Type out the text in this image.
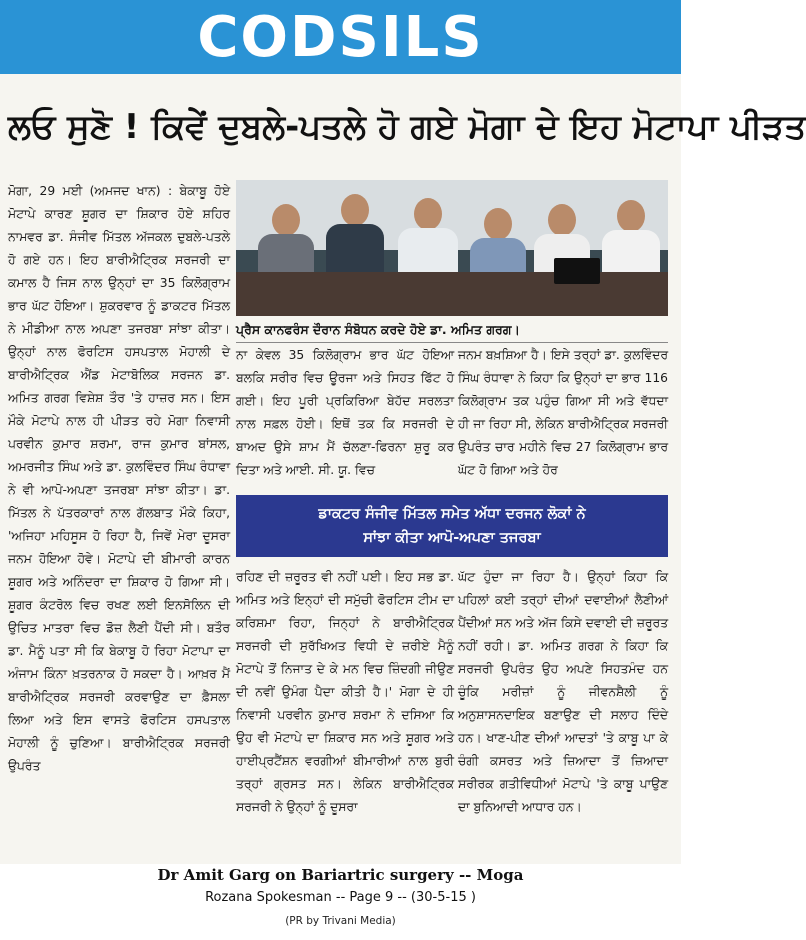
CODSILS
ਲਓ ਸੁਣੋ ! ਕਿਵੇਂ ਦੁਬਲੇ-ਪਤਲੇ ਹੋ ਗਏ ਮੋਗਾ ਦੇ ਇਹ ਮੋਟਾਪਾ ਪੀੜਤ
ਮੋਗਾ, 29 ਮਈ (ਅਮਜਦ ਖਾਨ) : ਬੇਕਾਬੂ ਹੋਏ ਮੋਟਾਪੇ ਕਾਰਣ ਸ਼ੂਗਰ ਦਾ ਸ਼ਿਕਾਰ ਹੋਏ ਸ਼ਹਿਰ ਨਾਮਵਰ ਡਾ. ਸੰਜੀਵ ਮਿੱਤਲ ਅੱਜਕਲ ਦੁਬਲੇ-ਪਤਲੇ ਹੋ ਗਏ ਹਨ। ਇਹ ਬਾਰੀਐਟ੍ਰਿਕ ਸਰਜਰੀ ਦਾ ਕਮਾਲ ਹੈ ਜਿਸ ਨਾਲ ਉਨ੍ਹਾਂ ਦਾ 35 ਕਿਲੋਗ੍ਰਾਮ ਭਾਰ ਘੱਟ ਹੋਇਆ। ਸ਼ੁਕਰਵਾਰ ਨੂੰ ਡਾਕਟਰ ਮਿੱਤਲ ਨੇ ਮੀਡੀਆ ਨਾਲ ਅਪਣਾ ਤਜਰਬਾ ਸਾਂਝਾ ਕੀਤਾ। ਉਨ੍ਹਾਂ ਨਾਲ ਫੋਰਟਿਸ ਹਸਪਤਾਲ ਮੋਹਾਲੀ ਦੇ ਬਾਰੀਐਟ੍ਰਿਕ ਐਂਡ ਮੇਟਾਬੋਲਿਕ ਸਰਜਨ ਡਾ. ਅਮਿਤ ਗਰਗ ਵਿਸ਼ੇਸ਼ ਤੌਰ 'ਤੇ ਹਾਜ਼ਰ ਸਨ। ਇਸ ਮੌਕੇ ਮੋਟਾਪੇ ਨਾਲ ਹੀ ਪੀੜਤ ਰਹੇ ਮੋਗਾ ਨਿਵਾਸੀ ਪਰਵੀਨ ਕੁਮਾਰ ਸ਼ਰਮਾ, ਰਾਜ ਕੁਮਾਰ ਬਾਂਸਲ, ਅਮਰਜੀਤ ਸਿੰਘ ਅਤੇ ਡਾ. ਕੁਲਵਿੰਦਰ ਸਿੰਘ ਰੰਧਾਵਾ ਨੇ ਵੀ ਆਪੋ-ਅਪਣਾ ਤਜਰਬਾ ਸਾਂਝਾ ਕੀਤਾ। ਡਾ. ਮਿੱਤਲ ਨੇ ਪੱਤਰਕਾਰਾਂ ਨਾਲ ਗੱਲਬਾਤ ਮੌਕੇ ਕਿਹਾ, 'ਅਜਿਹਾ ਮਹਿਸੂਸ ਹੋ ਰਿਹਾ ਹੈ, ਜਿਵੇਂ ਮੇਰਾ ਦੂਸਰਾ ਜਨਮ ਹੋਇਆ ਹੋਵੇ। ਮੋਟਾਪੇ ਦੀ ਬੀਮਾਰੀ ਕਾਰਨ ਸ਼ੂਗਰ ਅਤੇ ਅਨਿੰਦਰਾ ਦਾ ਸ਼ਿਕਾਰ ਹੋ ਗਿਆ ਸੀ। ਸ਼ੂਗਰ ਕੰਟਰੋਲ ਵਿਚ ਰਖਣ ਲਈ ਇਨਸੋਲਿਨ ਦੀ ਉਚਿਤ ਮਾਤਰਾ ਵਿਚ ਡੋਜ਼ ਲੈਣੀ ਪੈਂਦੀ ਸੀ। ਬਤੌਰ ਡਾ. ਮੈਨੂੰ ਪਤਾ ਸੀ ਕਿ ਬੇਕਾਬੂ ਹੋ ਰਿਹਾ ਮੋਟਾਪਾ ਦਾ ਅੰਜਾਮ ਕਿੰਨਾ ਖ਼ਤਰਨਾਕ ਹੋ ਸਕਦਾ ਹੈ। ਆਖ਼ਰ ਮੈਂ ਬਾਰੀਐਟ੍ਰਿਕ ਸਰਜਰੀ ਕਰਵਾਉਣ ਦਾ ਫ਼ੈਸਲਾ ਲਿਆ ਅਤੇ ਇਸ ਵਾਸਤੇ ਫੋਰਟਿਸ ਹਸਪਤਾਲ ਮੋਹਾਲੀ ਨੂੰ ਚੁਣਿਆ। ਬਾਰੀਐਟ੍ਰਿਕ ਸਰਜਰੀ ਉਪਰੰਤ
ਪ੍ਰੈਸ ਕਾਨਫਰੰਸ ਦੌਰਾਨ ਸੰਬੋਧਨ ਕਰਦੇ ਹੋਏ ਡਾ. ਅਮਿਤ ਗਰਗ।
ਨਾ ਕੇਵਲ 35 ਕਿਲੋਗ੍ਰਾਮ ਭਾਰ ਘੱਟ ਹੋਇਆ ਬਲਕਿ ਸਰੀਰ ਵਿਚ ਊਰਜਾ ਅਤੇ ਸਿਹਤ ਫਿੱਟ ਹੋ ਗਈ। ਇਹ ਪੂਰੀ ਪ੍ਰਕਿਰਿਆ ਬੇਹੱਦ ਸਰਲਤਾ ਨਾਲ ਸਫ਼ਲ ਹੋਈ। ਇਥੋਂ ਤਕ ਕਿ ਸਰਜਰੀ ਦੇ ਬਾਅਦ ਉਸੇ ਸ਼ਾਮ ਮੈਂ ਚੱਲਣਾ-ਫਿਰਨਾ ਸ਼ੁਰੂ ਕਰ ਦਿਤਾ ਅਤੇ ਆਈ. ਸੀ. ਯੂ. ਵਿਚ
ਜਨਮ ਬਖ਼ਸ਼ਿਆ ਹੈ। ਇਸੇ ਤਰ੍ਹਾਂ ਡਾ. ਕੁਲਵਿੰਦਰ ਸਿੰਘ ਰੰਧਾਵਾ ਨੇ ਕਿਹਾ ਕਿ ਉਨ੍ਹਾਂ ਦਾ ਭਾਰ 116 ਕਿਲੋਗ੍ਰਾਮ ਤਕ ਪਹੁੰਚ ਗਿਆ ਸੀ ਅਤੇ ਵੱਧਦਾ ਹੀ ਜਾ ਰਿਹਾ ਸੀ, ਲੇਕਿਨ ਬਾਰੀਐਟ੍ਰਿਕ ਸਰਜਰੀ ਉਪਰੰਤ ਚਾਰ ਮਹੀਨੇ ਵਿਚ 27 ਕਿਲੋਗ੍ਰਾਮ ਭਾਰ ਘੱਟ ਹੋ ਗਿਆ ਅਤੇ ਹੋਰ
ਡਾਕਟਰ ਸੰਜੀਵ ਮਿੱਤਲ ਸਮੇਤ ਅੱਧਾ ਦਰਜਨ ਲੋਕਾਂ ਨੇ
ਸਾਂਝਾ ਕੀਤਾ ਆਪੋ-ਅਪਣਾ ਤਜਰਬਾ
ਰਹਿਣ ਦੀ ਜ਼ਰੂਰਤ ਵੀ ਨਹੀਂ ਪਈ। ਇਹ ਸਭ ਡਾ. ਅਮਿਤ ਅਤੇ ਇਨ੍ਹਾਂ ਦੀ ਸਮੁੱਚੀ ਫੋਰਟਿਸ ਟੀਮ ਦਾ ਕਰਿਸ਼ਮਾ ਰਿਹਾ, ਜਿਨ੍ਹਾਂ ਨੇ ਬਾਰੀਐਟ੍ਰਿਕ ਸਰਜਰੀ ਦੀ ਸੁਰੱਖਿਅਤ ਵਿਧੀ ਦੇ ਜ਼ਰੀਏ ਮੈਨੂੰ ਮੋਟਾਪੇ ਤੋਂ ਨਿਜਾਤ ਦੇ ਕੇ ਮਨ ਵਿਚ ਜ਼ਿੰਦਗੀ ਜੀਉਣ ਦੀ ਨਵੀਂ ਉਮੰਗ ਪੈਦਾ ਕੀਤੀ ਹੈ।' ਮੋਗਾ ਦੇ ਹੀ ਨਿਵਾਸੀ ਪਰਵੀਨ ਕੁਮਾਰ ਸ਼ਰਮਾ ਨੇ ਦਸਿਆ ਕਿ ਉਹ ਵੀ ਮੋਟਾਪੇ ਦਾ ਸ਼ਿਕਾਰ ਸਨ ਅਤੇ ਸ਼ੂਗਰ ਅਤੇ ਹਾਈਪ੍ਰਟੈਂਸ਼ਨ ਵਰਗੀਆਂ ਬੀਮਾਰੀਆਂ ਨਾਲ ਬੁਰੀ ਤਰ੍ਹਾਂ ਗ੍ਰਸਤ ਸਨ। ਲੇਕਿਨ ਬਾਰੀਐਟ੍ਰਿਕ ਸਰਜਰੀ ਨੇ ਉਨ੍ਹਾਂ ਨੂੰ ਦੂਸਰਾ
ਘੱਟ ਹੁੰਦਾ ਜਾ ਰਿਹਾ ਹੈ। ਉਨ੍ਹਾਂ ਕਿਹਾ ਕਿ ਪਹਿਲਾਂ ਕਈ ਤਰ੍ਹਾਂ ਦੀਆਂ ਦਵਾਈਆਂ ਲੈਣੀਆਂ ਪੈਂਦੀਆਂ ਸਨ ਅਤੇ ਅੱਜ ਕਿਸੇ ਦਵਾਈ ਦੀ ਜ਼ਰੂਰਤ ਨਹੀਂ ਰਹੀ। ਡਾ. ਅਮਿਤ ਗਰਗ ਨੇ ਕਿਹਾ ਕਿ ਸਰਜਰੀ ਉਪਰੰਤ ਉਹ ਅਪਣੇ ਸਿਹਤਮੰਦ ਹਨ ਚੂੰਕਿ ਮਰੀਜ਼ਾਂ ਨੂੰ ਜੀਵਨਸ਼ੈਲੀ ਨੂੰ ਅਨੁਸ਼ਾਸਨਦਾਇਕ ਬਣਾਉਣ ਦੀ ਸਲਾਹ ਦਿੰਦੇ ਹਨ। ਖਾਣ-ਪੀਣ ਦੀਆਂ ਆਦਤਾਂ 'ਤੇ ਕਾਬੂ ਪਾ ਕੇ ਚੰਗੀ ਕਸਰਤ ਅਤੇ ਜ਼ਿਆਦਾ ਤੋਂ ਜ਼ਿਆਦਾ ਸਰੀਰਕ ਗਤੀਵਿਧੀਆਂ ਮੋਟਾਪੇ 'ਤੇ ਕਾਬੂ ਪਾਉਣ ਦਾ ਬੁਨਿਆਦੀ ਆਧਾਰ ਹਨ।
Dr Amit Garg on Bariartric surgery -- Moga
Rozana Spokesman -- Page 9 -- (30-5-15 )
(PR by Trivani Media)
